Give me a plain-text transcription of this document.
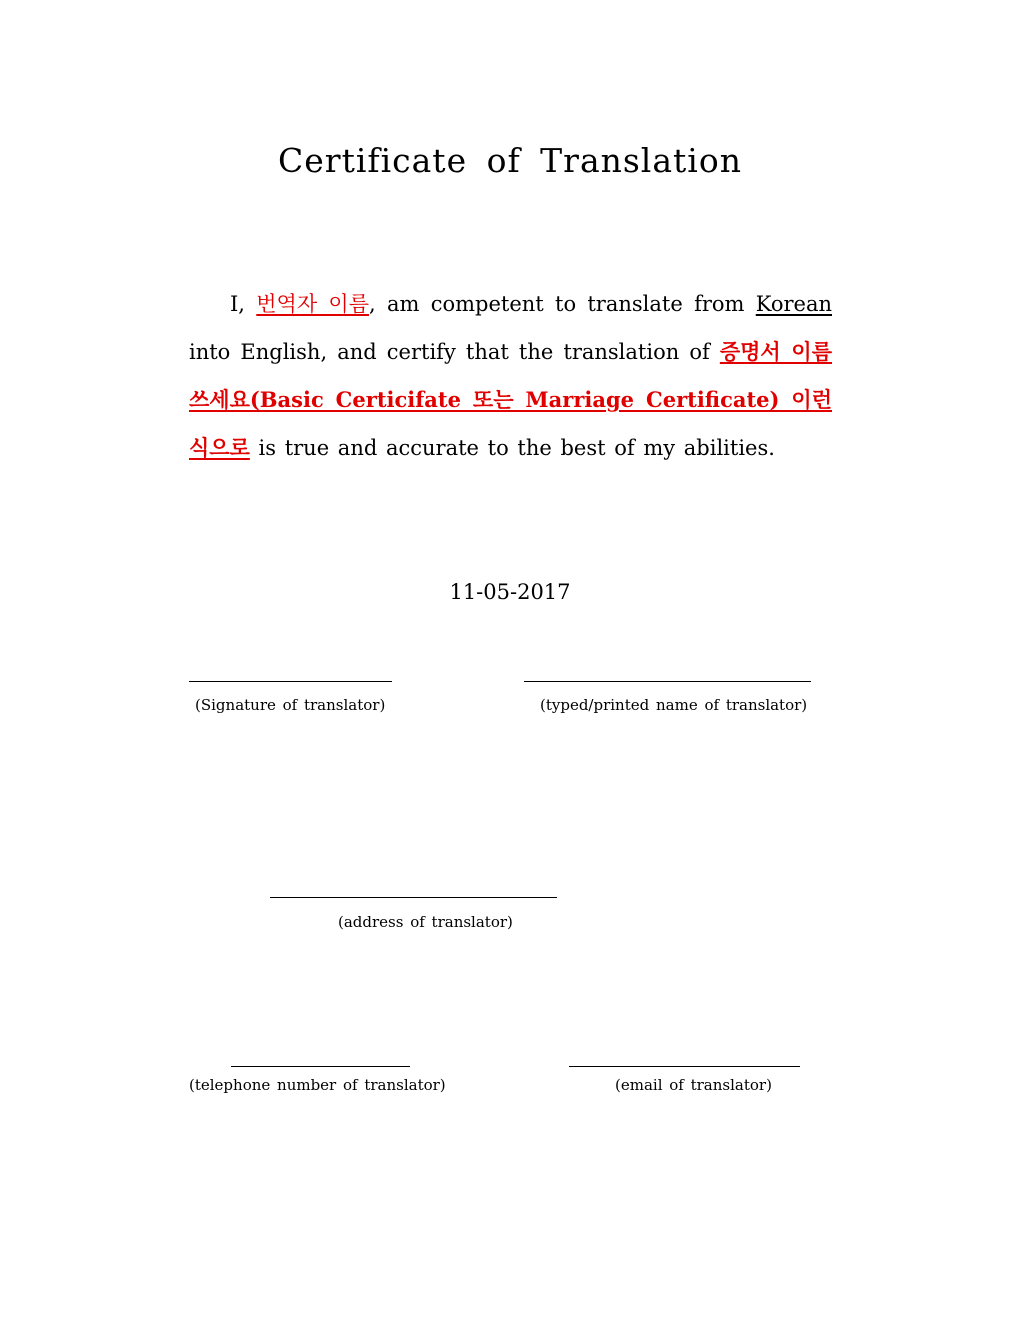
Certificate of Translation

I, 번역자 이름, am competent to translate from Korean into English, and certify that the translation of 증명서 이름 쓰세요(Basic Certicifate 또는 Marriage Certificate) 이런식으로 is true and accurate to the best of my abilities.

11-05-2017
(Signature of translator)	(typed/printed name of translator)
(address of translator)
(telephone number of translator)	(email of translator)
